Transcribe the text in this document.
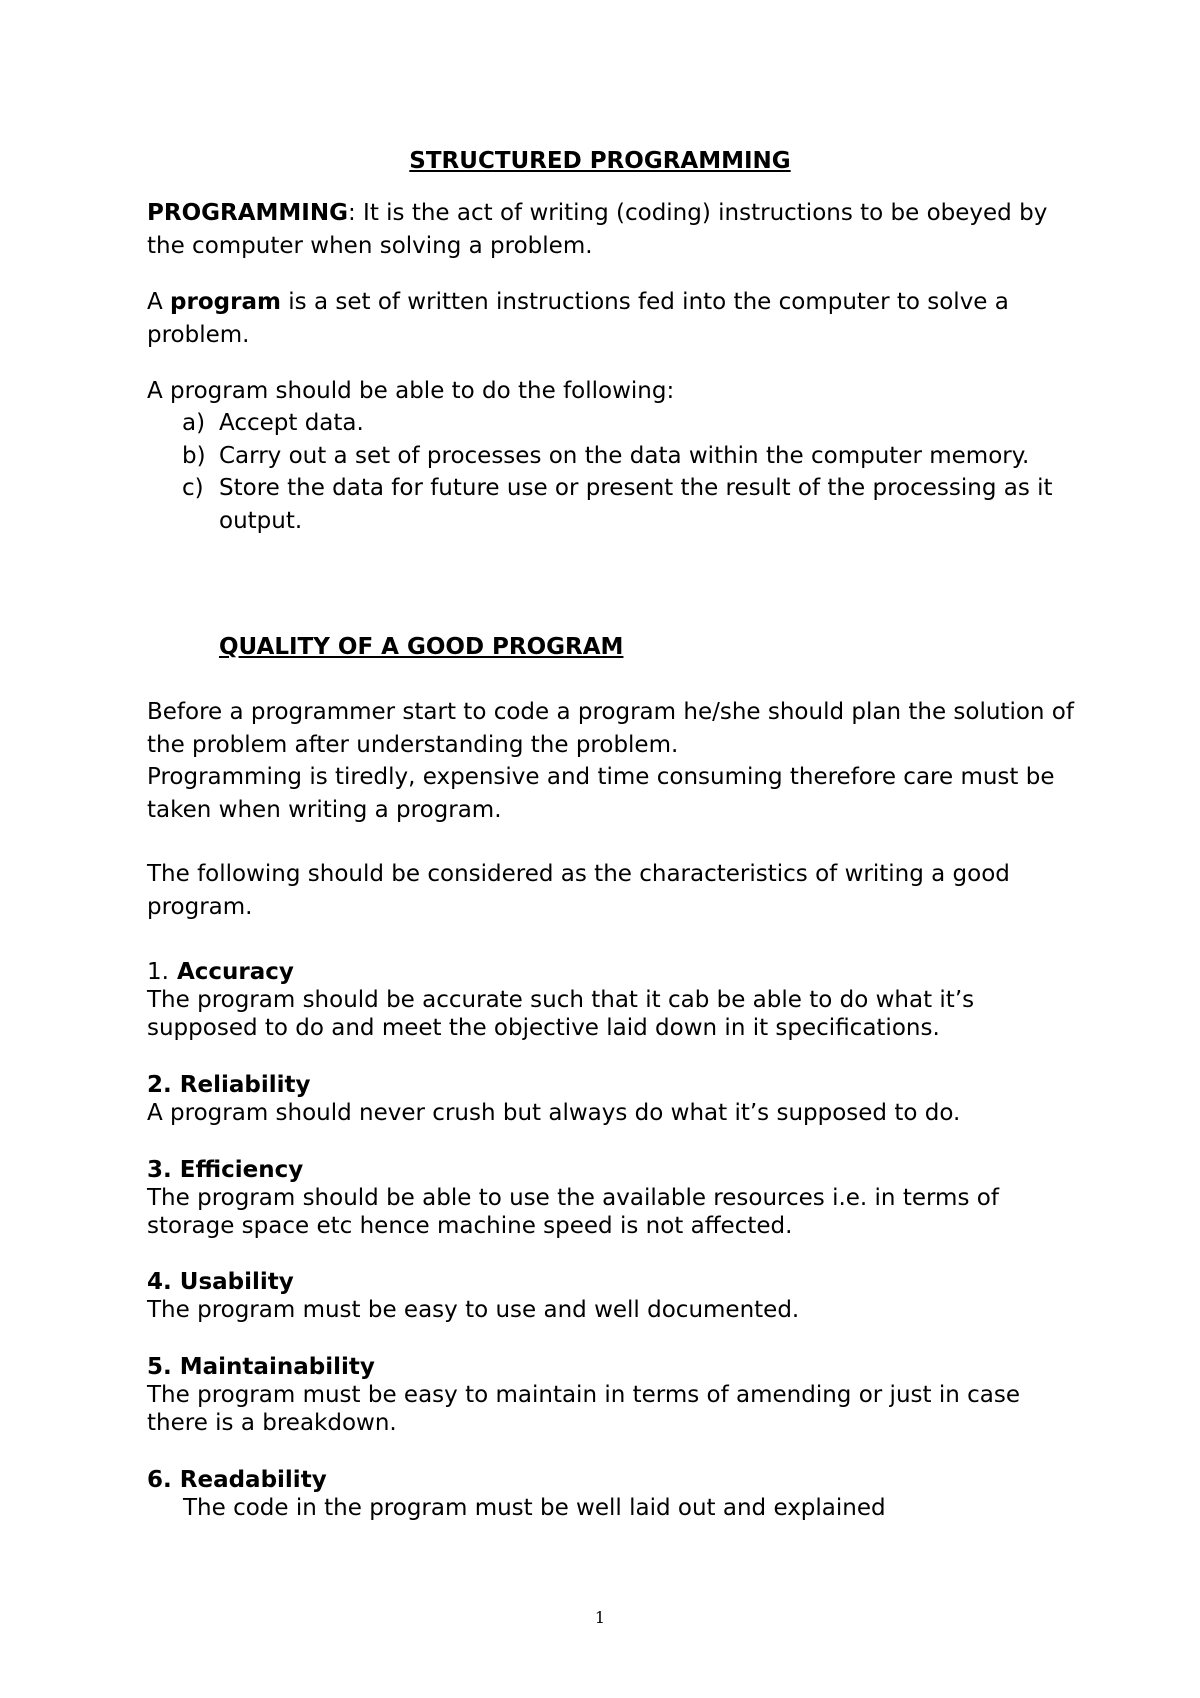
STRUCTURED PROGRAMMING

PROGRAMMING: It is the act of writing (coding) instructions to be obeyed by the computer when solving a problem.

A program is a set of written instructions fed into the computer to solve a problem.

A program should be able to do the following:

a) Accept data.
b) Carry out a set of processes on the data within the computer memory.
c) Store the data for future use or present the result of the processing as it output.
QUALITY OF A GOOD PROGRAM

Before a programmer start to code a program he/she should plan the solution of the problem after understanding the problem.

Programming is tiredly, expensive and time consuming therefore care must be taken when writing a program.

The following should be considered as the characteristics of writing a good program.

1. Accuracy
The program should be accurate such that it cab be able to do what it’s supposed to do and meet the objective laid down in it specifications.
2. Reliability
A program should never crush but always do what it’s supposed to do.
3. Efficiency
The program should be able to use the available resources i.e. in terms of storage space etc hence machine speed is not affected.
4. Usability
The program must be easy to use and well documented.
5. Maintainability
The program must be easy to maintain in terms of amending or just in case there is a breakdown.
6. Readability
The code in the program must be well laid out and explained
1
